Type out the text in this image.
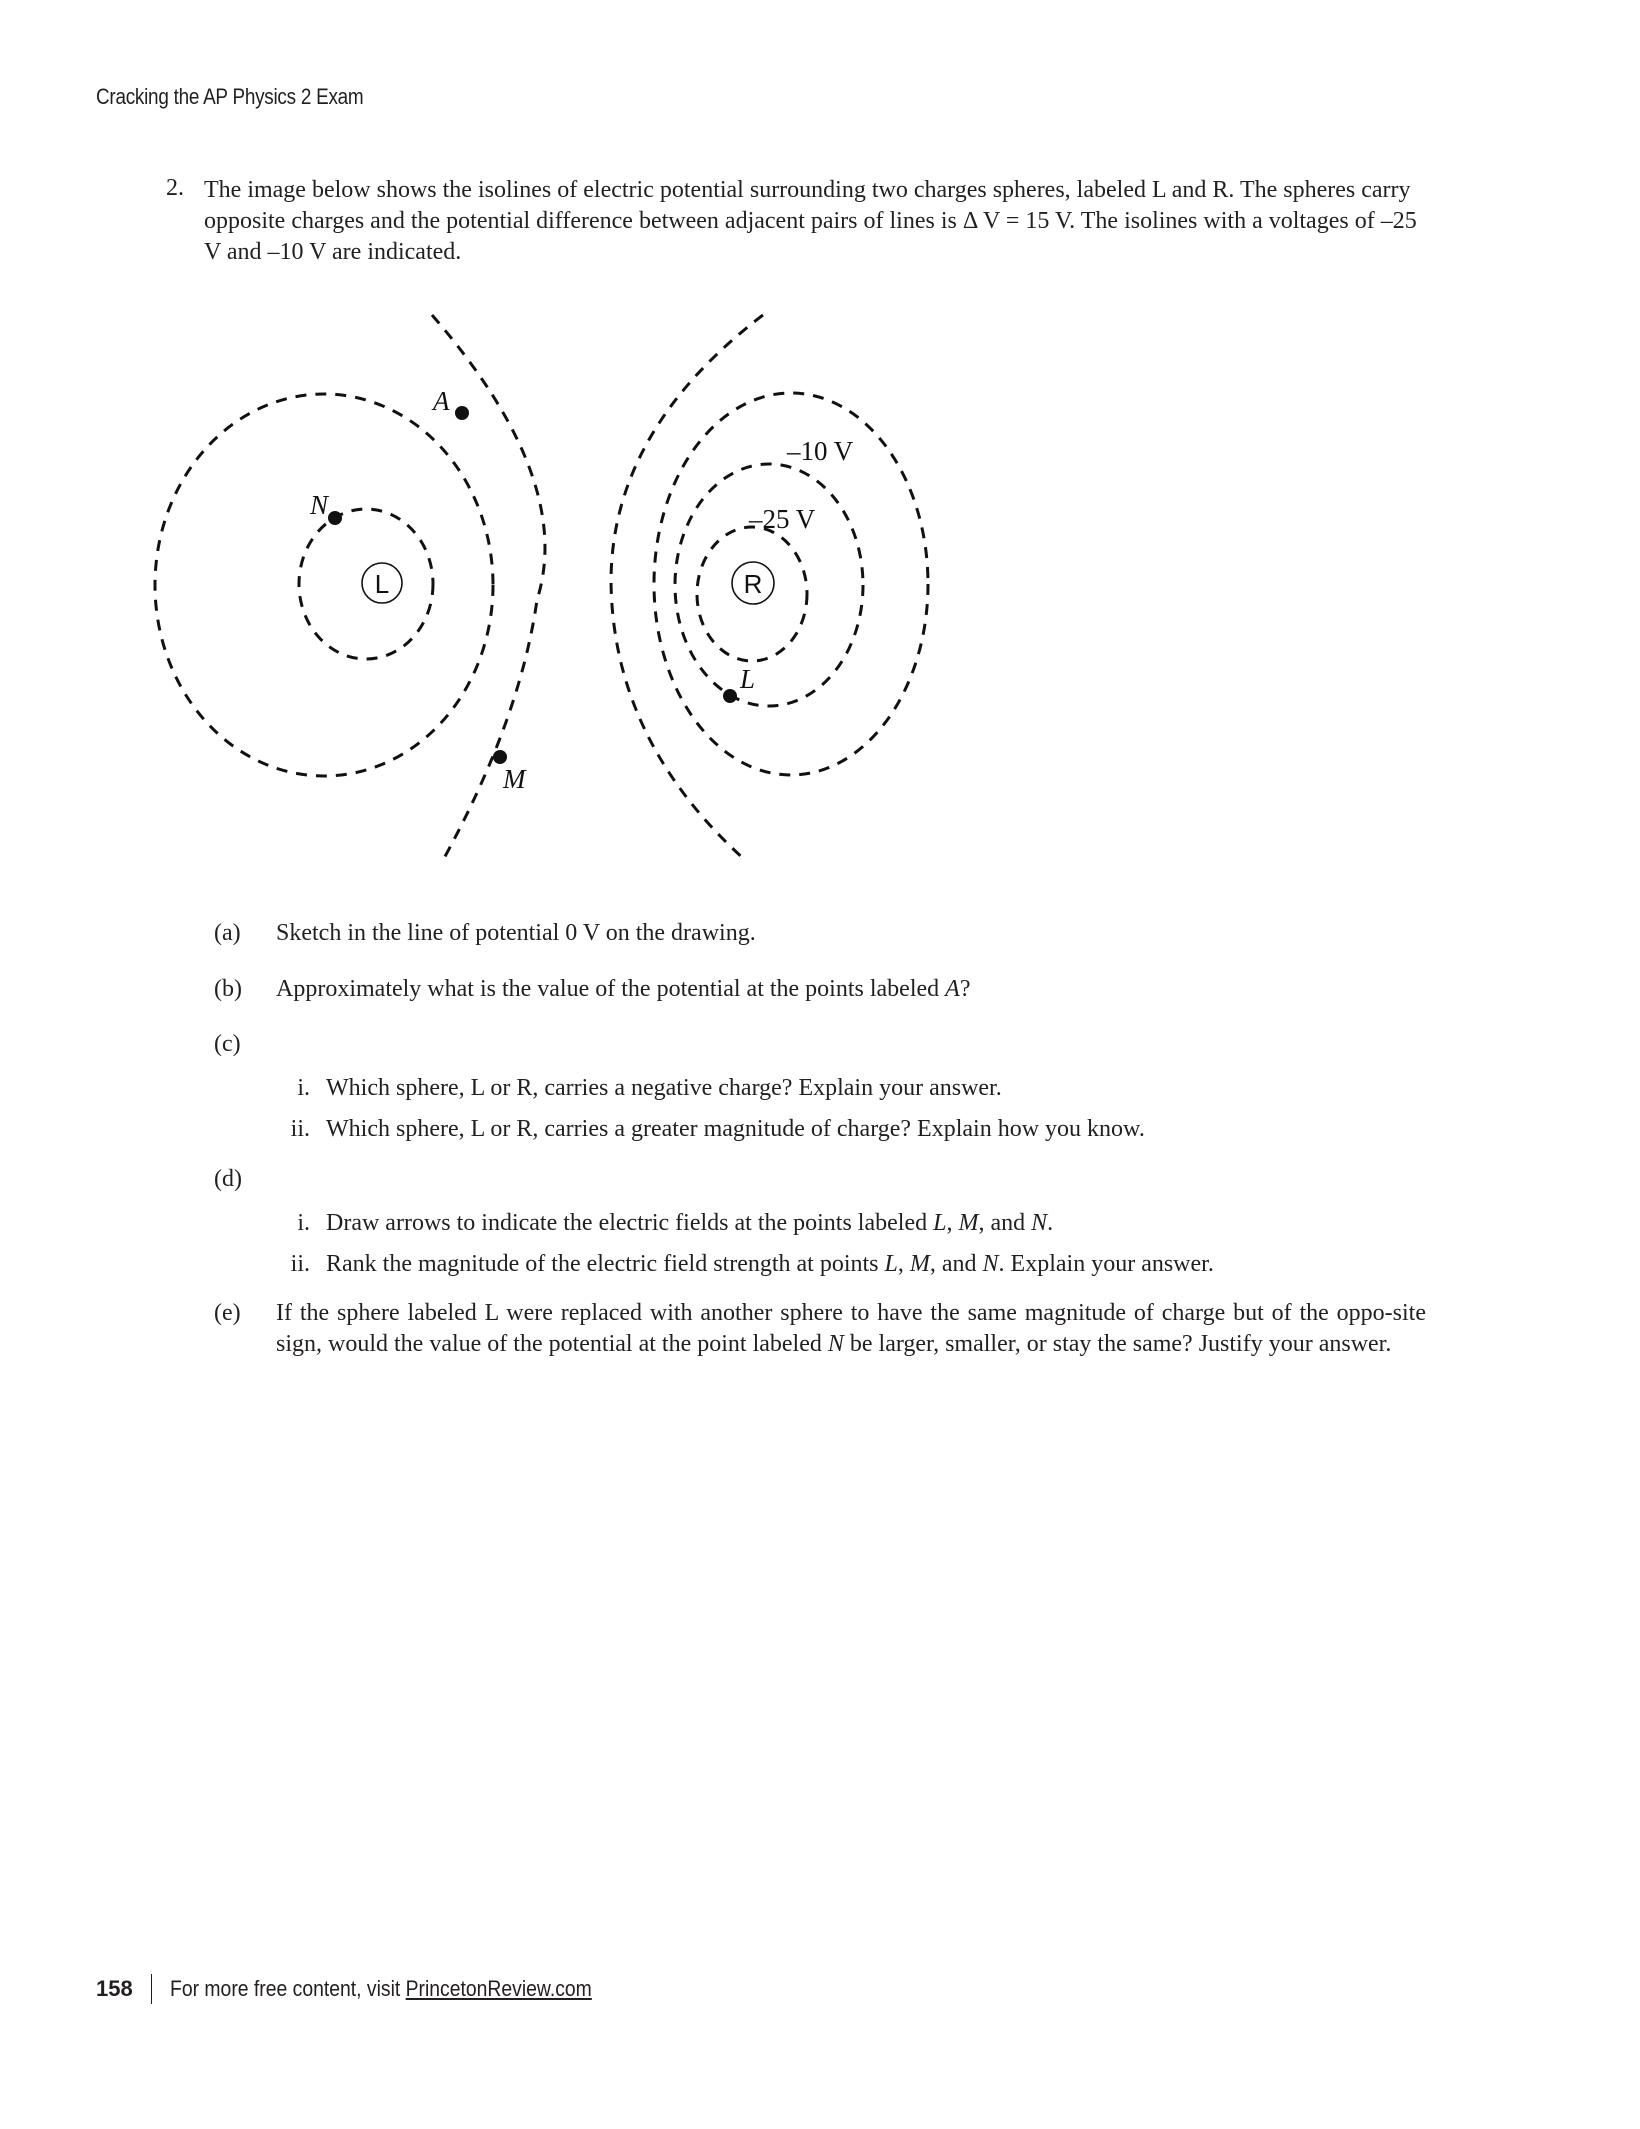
Cracking the AP Physics 2 Exam
2. The image below shows the isolines of electric potential surrounding two charges spheres, labeled L and R. The spheres carry opposite charges and the potential difference between adjacent pairs of lines is Δ V = 15 V. The isolines with a voltages of –25 V and –10 V are indicated.
L	R
A
N
M
L
–10 V
–25 V
(a)	Sketch in the line of potential 0 V on the drawing.
(b)	Approximately what is the value of the potential at the points labeled A?
(c)
i. Which sphere, L or R, carries a negative charge? Explain your answer.
ii. Which sphere, L or R, carries a greater magnitude of charge? Explain how you know.
(d)
i. Draw arrows to indicate the electric fields at the points labeled L, M, and N.
ii. Rank the magnitude of the electric field strength at points L, M, and N. Explain your answer.
(e)	If the sphere labeled L were replaced with another sphere to have the same magnitude of charge but of the oppo-site sign, would the value of the potential at the point labeled N be larger, smaller, or stay the same? Justify your answer.
158 For more free content, visit PrincetonReview.com
